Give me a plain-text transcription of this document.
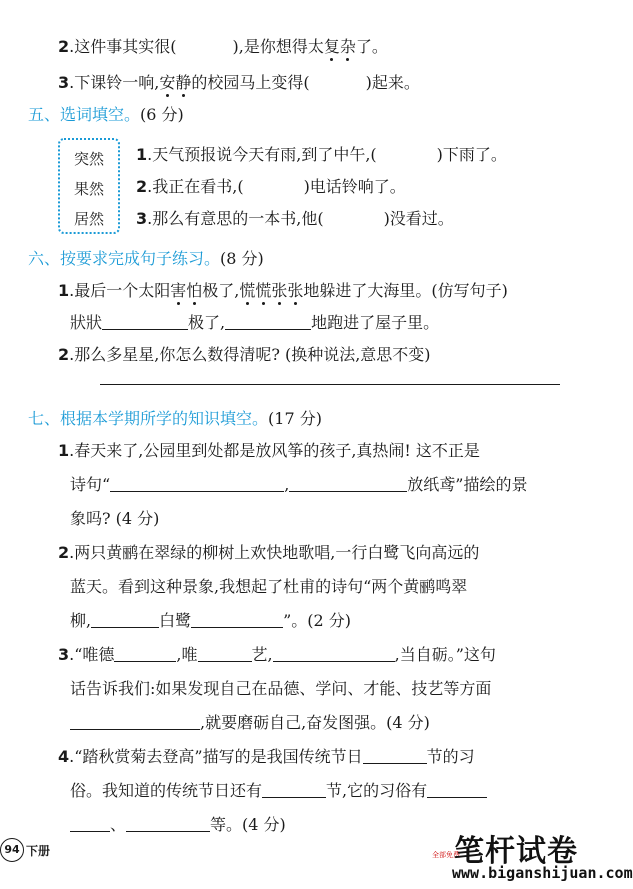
2.这件事其实很(	),是你想得太复杂了。
3.下课铃一响,安静的校园马上变得(	)起来。
五、选词填空。(6 分)
突然
果然
居然
1.天气预报说今天有雨,到了中午,(	)下雨了。
2.我正在看书,(	)电话铃响了。
3.那么有意思的一本书,他(	)没看过。
六、按要求完成句子练习。(8 分)
1.最后一个太阳害怕极了,慌慌张张地躲进了大海里。(仿写句子)
狀狀	极了,	地跑进了屋子里。
2.那么多星星,你怎么数得清呢? (换种说法,意思不变)
七、根据本学期所学的知识填空。(17 分)
1.春天来了,公园里到处都是放风筝的孩子,真热闹! 这不正是
诗句“	,	放纸鸢”描绘的景
象吗? (4 分)
2.两只黄鹂在翠绿的柳树上欢快地歌唱,一行白鹭飞向高远的
蓝天。看到这种景象,我想起了杜甫的诗句“两个黄鹂鸣翠
柳,	白鹭	”。(2 分)
3.“唯德	,唯	艺,	,当自砺。”这句
话告诉我们:如果发现自己在品德、学问、才能、技艺等方面
,就要磨砺自己,奋发图强。(4 分)
4.“踏秋赏菊去登高”描写的是我国传统节日	节的习
俗。我知道的传统节日还有	节,它的习俗有
、	等。(4 分)
94 下册	全部免费
笔杆试卷
www.biganshijuan.com
